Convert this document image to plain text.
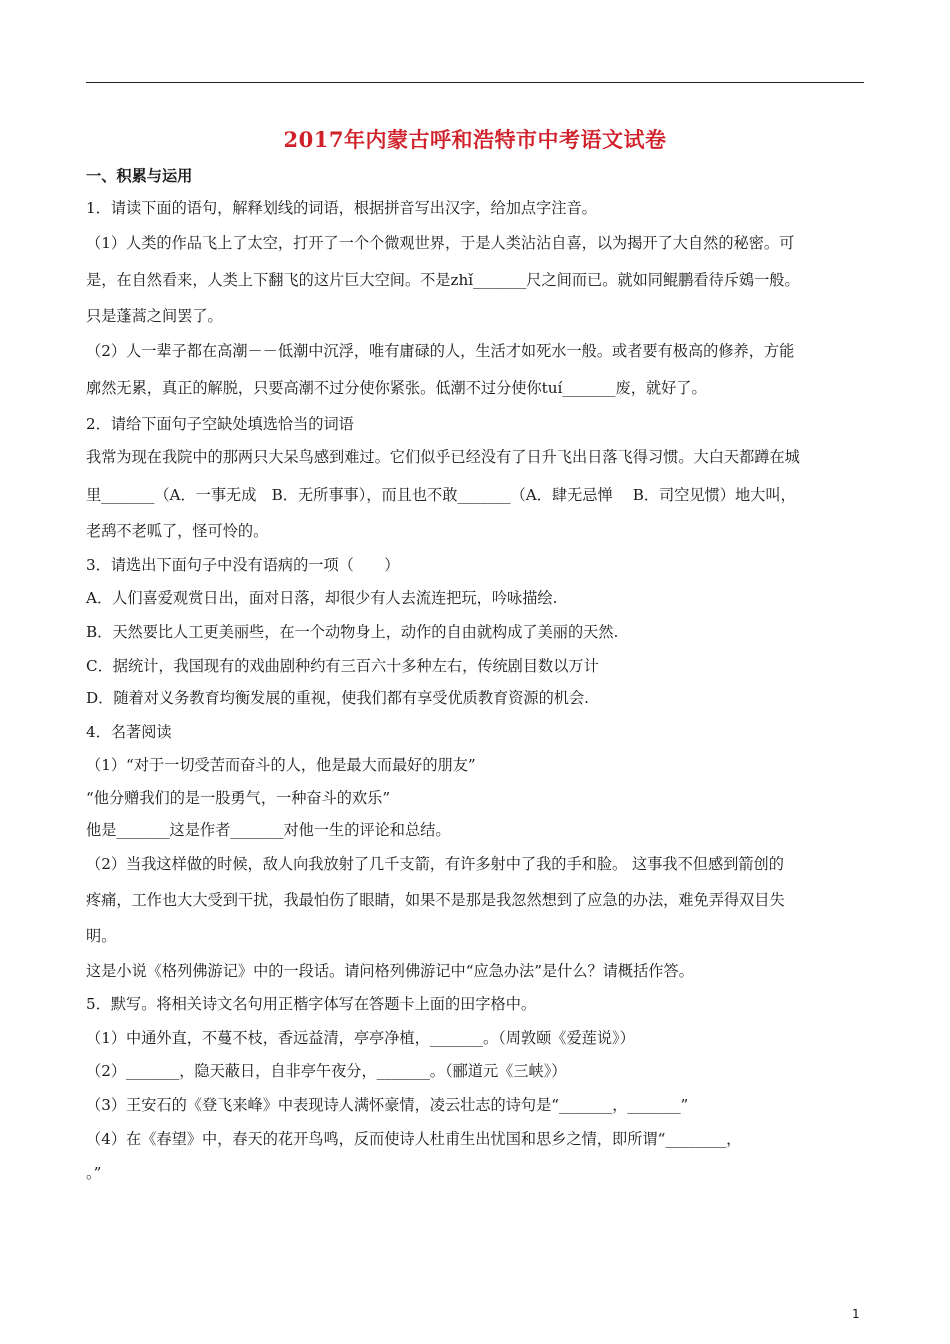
2017年内蒙古呼和浩特市中考语文试卷
一、积累与运用
1．请读下面的语句，解释划线的词语，根据拼音写出汉字，给加点字注音。
（1）人类的作品飞上了太空，打开了一个个微观世界，于是人类沾沾自喜，以为揭开了大自然的秘密。可
是，在自然看来，人类上下翻飞的这片巨大空间。不是zhǐ_______尺之间而已。就如同鲲鹏看待斥鴳一般。
只是蓬蒿之间罢了。
（2）人一辈子都在高潮－－低潮中沉浮，唯有庸碌的人，生活才如死水一般。或者要有极高的修养，方能
廓然无累，真正的解脱，只要高潮不过分使你紧张。低潮不过分使你tuí_______废，就好了。
2．请给下面句子空缺处填选恰当的词语
我常为现在我院中的那两只大呆鸟感到难过。它们似乎已经没有了日升飞出日落飞得习惯。大白天都蹲在城
里_______（A．一事无成　B．无所事事），而且也不敢_______（A．肆无忌惮　 B．司空见惯）地大叫，
老鸹不老呱了，怪可怜的。
3．请选出下面句子中没有语病的一项（　　）
A．人们喜爱观赏日出，面对日落，却很少有人去流连把玩，吟咏描绘.
B．天然要比人工更美丽些，在一个动物身上，动作的自由就构成了美丽的天然.
C．据统计，我国现有的戏曲剧种约有三百六十多种左右，传统剧目数以万计
D．随着对义务教育均衡发展的重视，使我们都有享受优质教育资源的机会.
4．名著阅读
（1）“对于一切受苦而奋斗的人，他是最大而最好的朋友”
“他分赠我们的是一股勇气，一种奋斗的欢乐”
他是_______这是作者_______对他一生的评论和总结。
（2）当我这样做的时候，敌人向我放射了几千支箭，有许多射中了我的手和脸。 这事我不但感到箭创的
疼痛，工作也大大受到干扰，我最怕伤了眼睛，如果不是那是我忽然想到了应急的办法，难免弄得双目失
明。
这是小说《格列佛游记》中的一段话。请问格列佛游记中“应急办法”是什么？请概括作答。
5．默写。将相关诗文名句用正楷字体写在答题卡上面的田字格中。
（1）中通外直，不蔓不枝，香远益清，亭亭净植，_______。（周敦颐《爱莲说》）
（2）_______，隐天蔽日，自非亭午夜分，_______。（郦道元《三峡》）
（3）王安石的《登飞来峰》中表现诗人满怀豪情，凌云壮志的诗句是“_______，_______”
（4）在《春望》中，春天的花开鸟鸣，反而使诗人杜甫生出忧国和思乡之情，即所谓“________，
。”
1
